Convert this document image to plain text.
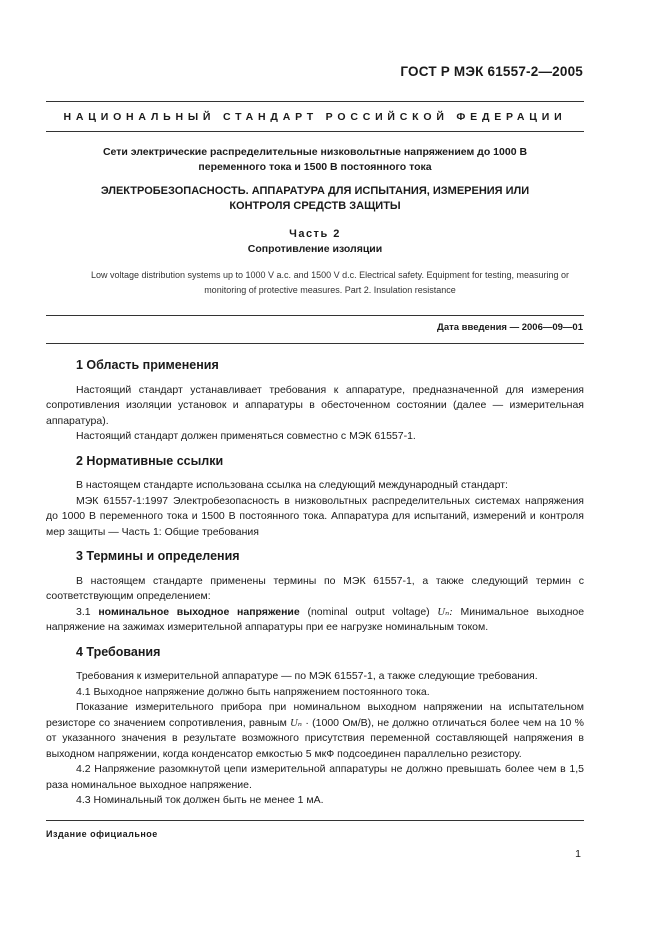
ГОСТ Р МЭК 61557-2—2005
НАЦИОНАЛЬНЫЙ СТАНДАРТ РОССИЙСКОЙ ФЕДЕРАЦИИ
Сети электрические распределительные низковольтные напряжением до 1000 В
переменного тока и 1500 В постоянного тока
ЭЛЕКТРОБЕЗОПАСНОСТЬ. АППАРАТУРА ДЛЯ ИСПЫТАНИЯ, ИЗМЕРЕНИЯ ИЛИ
КОНТРОЛЯ СРЕДСТВ ЗАЩИТЫ
Часть 2
Сопротивление изоляции
Low voltage distribution systems up to 1000 V a.c. and 1500 V d.c. Electrical safety. Equipment for testing, measuring or
monitoring of protective measures. Part 2. Insulation resistance
Дата введения — 2006—09—01
1 Область применения

Настоящий стандарт устанавливает требования к аппаратуре, предназначенной для измерения сопротивления изоляции установок и аппаратуры в обесточенном состоянии (далее — измерительная аппаратура).

Настоящий стандарт должен применяться совместно с МЭК 61557-1.

2 Нормативные ссылки

В настоящем стандарте использована ссылка на следующий международный стандарт:

МЭК 61557-1:1997 Электробезопасность в низковольтных распределительных системах напряжения до 1000 В переменного тока и 1500 В постоянного тока. Аппаратура для испытаний, измерений и контроля мер защиты — Часть 1: Общие требования

3 Термины и определения

В настоящем стандарте применены термины по МЭК 61557-1, а также следующий термин с соответствующим определением:

3.1 номинальное выходное напряжение (nominal output voltage) Uₙ: Минимальное выходное напряжение на зажимах измерительной аппаратуры при ее нагрузке номинальным током.

4 Требования

Требования к измерительной аппаратуре — по МЭК 61557-1, а также следующие требования.

4.1 Выходное напряжение должно быть напряжением постоянного тока.

Показание измерительного прибора при номинальном выходном напряжении на испытательном резисторе со значением сопротивления, равным Uₙ · (1000 Ом/В), не должно отличаться более чем на 10 % от указанного значения в результате возможного присутствия переменной составляющей напряжения в выходном напряжении, когда конденсатор емкостью 5 мкФ подсоединен параллельно резистору.

4.2 Напряжение разомкнутой цепи измерительной аппаратуры не должно превышать более чем в 1,5 раза номинальное выходное напряжение.

4.3 Номинальный ток должен быть не менее 1 мА.

Издание официальное
1
